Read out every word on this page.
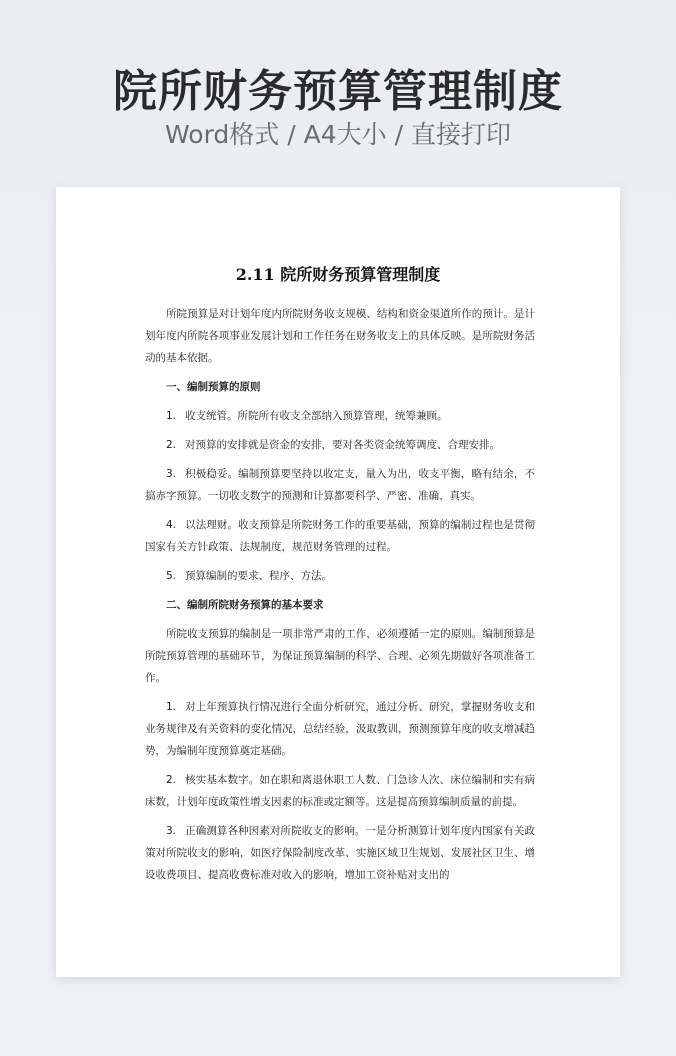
院所财务预算管理制度
Word格式 / A4大小 / 直接打印
2.11 院所财务预算管理制度

所院预算是对计划年度内所院财务收支规模、结构和资金渠道所作的预计。是计划年度内所院各项事业发展计划和工作任务在财务收支上的具体反映。是所院财务活动的基本依据。

一、编制预算的原则

1. 收支统管。所院所有收支全部纳入预算管理，统筹兼顾。

2. 对预算的安排就是资金的安排，要对各类资金统筹调度、合理安排。

3. 积极稳妥。编制预算要坚持以收定支，量入为出，收支平衡，略有结余，不搞赤字预算。一切收支数字的预测和计算都要科学、严密、准确、真实。

4. 以法理财。收支预算是所院财务工作的重要基础，预算的编制过程也是贯彻国家有关方针政策、法规制度，规范财务管理的过程。

5. 预算编制的要求、程序、方法。

二、编制所院财务预算的基本要求

所院收支预算的编制是一项非常严肃的工作，必须遵循一定的原则。编制预算是所院预算管理的基础环节，为保证预算编制的科学、合理、必须先期做好各项准备工作。

1. 对上年预算执行情况进行全面分析研究，通过分析、研究，掌握财务收支和业务规律及有关资料的变化情况，总结经验，汲取教训，预测预算年度的收支增减趋势，为编制年度预算奠定基础。

2. 核实基本数字。如在职和离退休职工人数、门急诊人次、床位编制和实有病床数，计划年度政策性增支因素的标准或定额等。这是提高预算编制质量的前提。

3. 正确测算各种因素对所院收支的影响。一是分析测算计划年度内国家有关政策对所院收支的影响，如医疗保险制度改革、实施区域卫生规划、发展社区卫生、增设收费项目、提高收费标准对收入的影响，增加工资补贴对支出的
